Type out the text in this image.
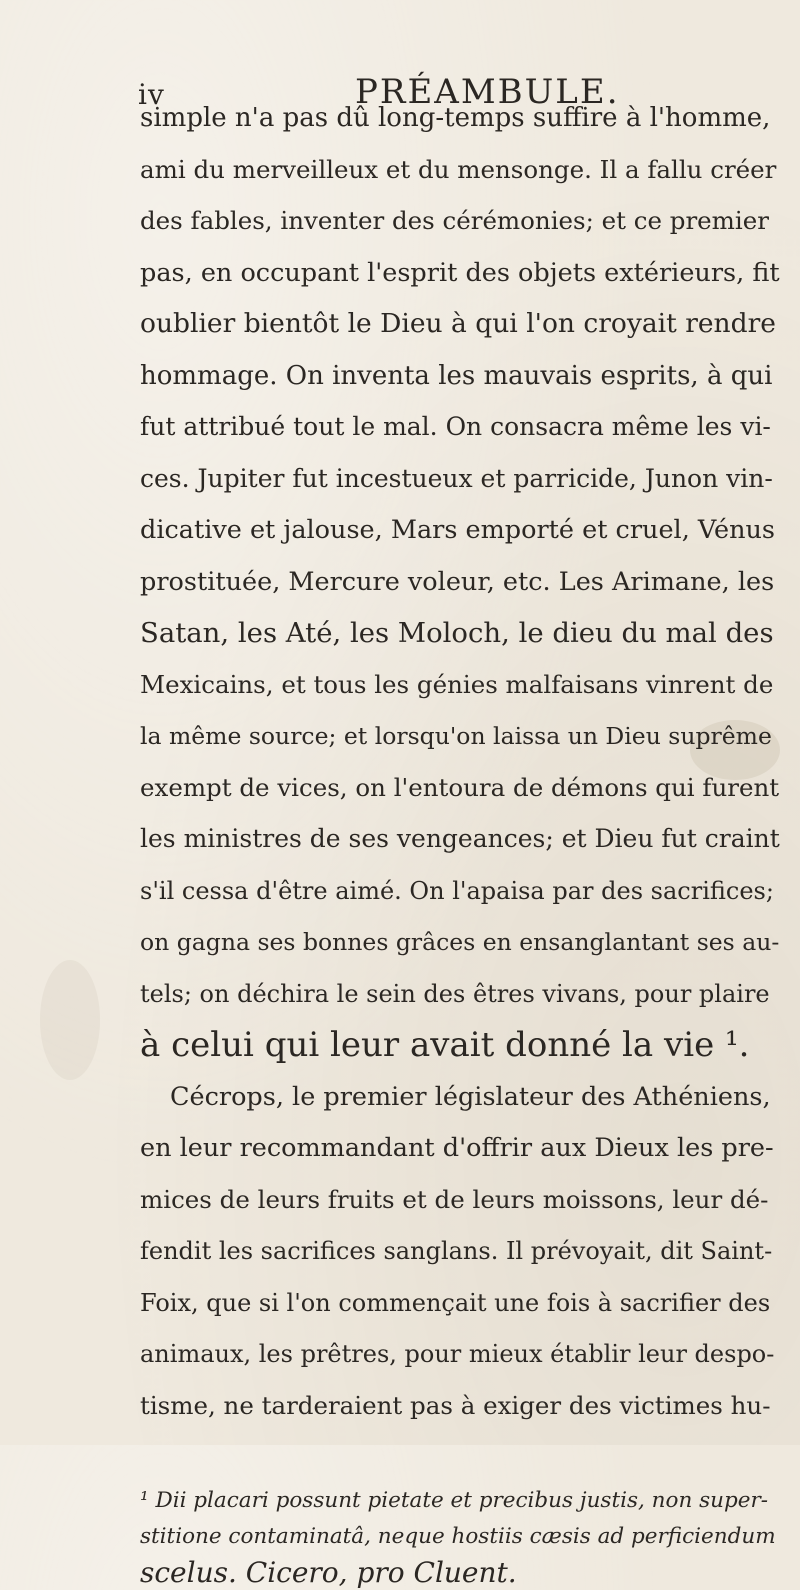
iv	PRÉAMBULE.
simple n'a pas dû long-temps suffire à l'homme,
ami du merveilleux et du mensonge. Il a fallu créer
des fables, inventer des cérémonies; et ce premier
pas, en occupant l'esprit des objets extérieurs, fit
oublier bientôt le Dieu à qui l'on croyait rendre
hommage. On inventa les mauvais esprits, à qui
fut attribué tout le mal. On consacra même les vi-
ces. Jupiter fut incestueux et parricide, Junon vin-
dicative et jalouse, Mars emporté et cruel, Vénus
prostituée, Mercure voleur, etc. Les Arimane, les
Satan, les Até, les Moloch, le dieu du mal des
Mexicains, et tous les génies malfaisans vinrent de
la même source; et lorsqu'on laissa un Dieu suprême
exempt de vices, on l'entoura de démons qui furent
les ministres de ses vengeances; et Dieu fut craint
s'il cessa d'être aimé. On l'apaisa par des sacrifices;
on gagna ses bonnes grâces en ensanglantant ses au-
tels; on déchira le sein des êtres vivans, pour plaire
à celui qui leur avait donné la vie ¹.
Cécrops, le premier législateur des Athéniens,
en leur recommandant d'offrir aux Dieux les pre-
mices de leurs fruits et de leurs moissons, leur dé-
fendit les sacrifices sanglans. Il prévoyait, dit Saint-
Foix, que si l'on commençait une fois à sacrifier des
animaux, les prêtres, pour mieux établir leur despo-
tisme, ne tarderaient pas à exiger des victimes hu-
¹ Dii placari possunt pietate et precibus justis, non super-
stitione contaminatâ, neque hostiis cæsis ad perficiendum
scelus. Cicero, pro Cluent.
